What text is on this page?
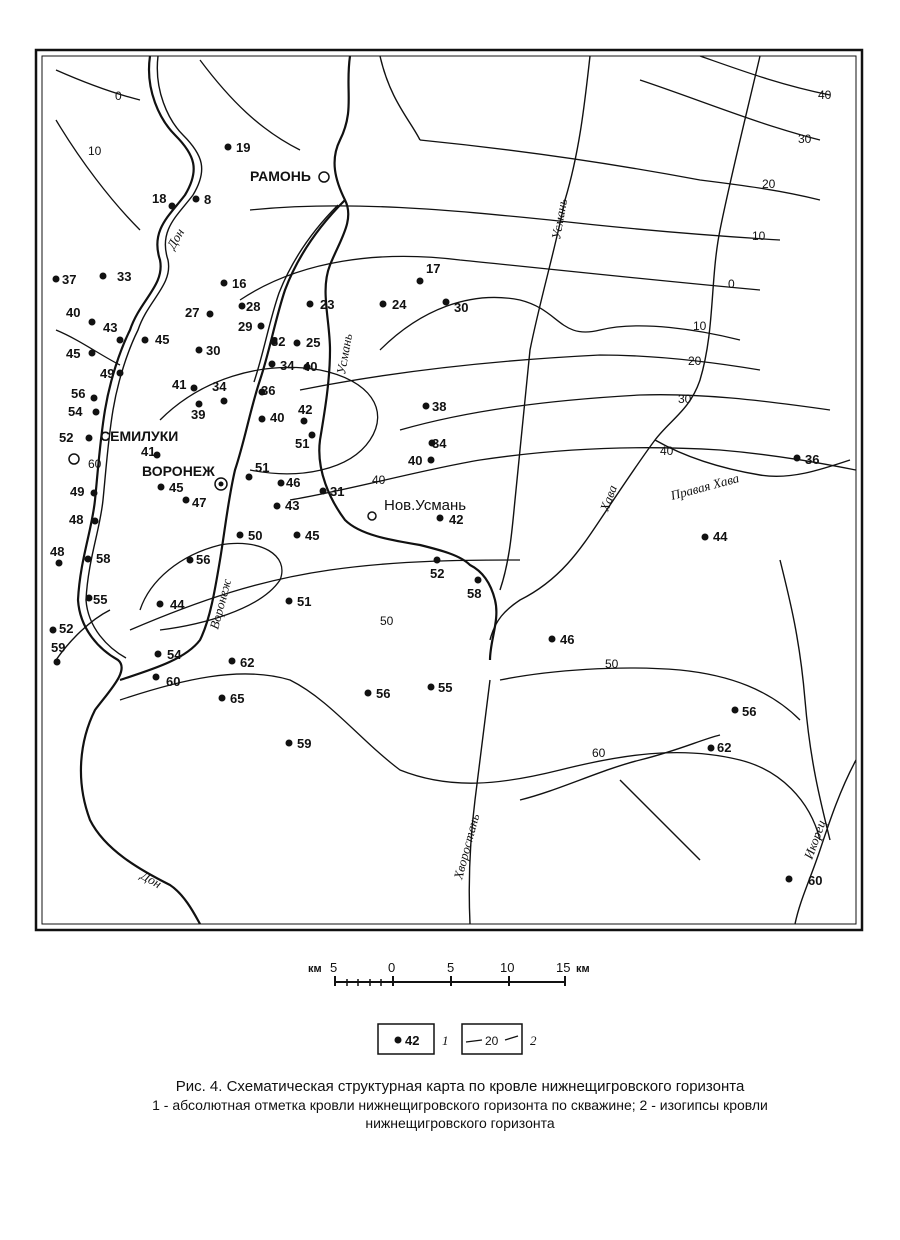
0
10
40
30
20
10
0
10
20
30
40
50
50
60
40
60
Дон
Дон
Усмань
Усмань
Воронеж
Хава	Правая Хава
Хворостань	Икорец
РАМОНЬ
СЕМИЛУКИ
ВОРОНЕЖ
Нов.Усмань
19
8
18
37	33	16
17
28	23	24	30
27
29
40
43
45
30
32 25
34
45
40
49
41 34	36
56
54	39	42
40
38
52	51	34
40	36
41
51
45	46
31
49
47	43
42
48
50	45	44
48 58	56
52
58
55	44	51
52
59
46
54
62
60
65	56	55
56
62
59
60
км 5	0	5	10	15 км
42 1	20 2
Рис. 4. Схематическая структурная карта по кровле нижнещигровского горизонта
1 - абсолютная отметка кровли нижнещигровского горизонта по скважине; 2 - изогипсы кровли
нижнещигровского горизонта
